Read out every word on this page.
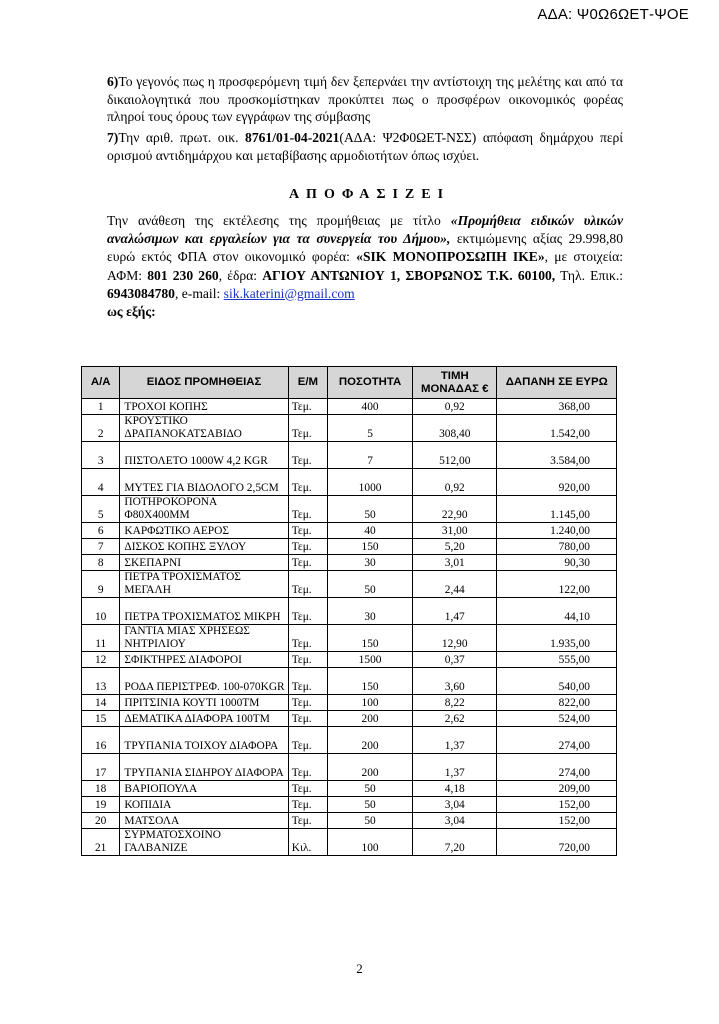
ΑΔΑ: Ψ0Ω6ΩΕΤ-ΨΟΕ
6)Το γεγονός πως η προσφερόμενη τιμή δεν ξεπερνάει την αντίστοιχη της μελέτης και από τα δικαιολογητικά που προσκομίστηκαν προκύπτει πως ο προσφέρων οικονομικός φορέας πληροί τους όρους των εγγράφων της σύμβασης
7)Την αριθ. πρωτ. οικ. 8761/01-04-2021(ΑΔΑ: Ψ2Φ0ΩΕΤ-ΝΣΣ) απόφαση δημάρχου περί ορισμού αντιδημάρχου και μεταβίβασης αρμοδιοτήτων όπως ισχύει.
ΑΠΟΦΑΣΙΖΕΙ
Την ανάθεση της εκτέλεσης της προμήθειας με τίτλο «Προμήθεια ειδικών υλικών αναλώσιμων και εργαλείων για τα συνεργεία του Δήμου», εκτιμώμενης αξίας 29.998,80 ευρώ εκτός ΦΠΑ στον οικονομικό φορέα: «SIK ΜΟΝΟΠΡΟΣΩΠΗ ΙΚΕ», με στοιχεία: ΑΦΜ: 801 230 260, έδρα: ΑΓΙΟΥ ΑΝΤΩΝΙΟΥ 1, ΣΒΟΡΩΝΟΣ Τ.Κ. 60100, Τηλ. Επικ.: 6943084780, e-mail: sik.katerini@gmail.com
ως εξής:
Α/Α	ΕΙΔΟΣ ΠΡΟΜΗΘΕΙΑΣ	Ε/Μ	ΠΟΣΟΤΗΤΑ	ΤΙΜΗ ΜΟΝΑΔΑΣ €	ΔΑΠΑΝΗ ΣΕ ΕΥΡΩ
1	ΤΡΟΧΟΙ ΚΟΠΗΣ	Τεμ.	400	0,92	368,00
2	ΚΡΟΥΣΤΙΚΟ ΔΡΑΠΑΝΟΚΑΤΣΑΒΙΔΟ	Τεμ.	5	308,40	1.542,00
3	ΠΙΣΤΟΛΕΤΟ 1000W 4,2 KGR	Τεμ.	7	512,00	3.584,00
4	ΜΥΤΕΣ ΓΙΑ ΒΙΔΟΛΟΓΟ 2,5CM	Τεμ.	1000	0,92	920,00
5	ΠΟΤΗΡΟΚΟΡΟΝΑ Φ80Χ400ΜΜ	Τεμ.	50	22,90	1.145,00
6	ΚΑΡΦΩΤΙΚΟ ΑΕΡΟΣ	Τεμ.	40	31,00	1.240,00
7	ΔΙΣΚΟΣ ΚΟΠΗΣ ΞΥΛΟΥ	Τεμ.	150	5,20	780,00
8	ΣΚΕΠΑΡΝΙ	Τεμ.	30	3,01	90,30
9	ΠΕΤΡΑ ΤΡΟΧΙΣΜΑΤΟΣ ΜΕΓΑΛΗ	Τεμ.	50	2,44	122,00
10	ΠΕΤΡΑ ΤΡΟΧΙΣΜΑΤΟΣ ΜΙΚΡΗ	Τεμ.	30	1,47	44,10
11	ΓΑΝΤΙΑ ΜΙΑΣ ΧΡΗΣΕΩΣ ΝΗΤΡΙΛΙΟΥ	Τεμ.	150	12,90	1.935,00
12	ΣΦΙΚΤΗΡΕΣ ΔΙΑΦΟΡΟΙ	Τεμ.	1500	0,37	555,00
13	ΡΟΔΑ ΠΕΡΙΣΤΡΕΦ. 100-070KGR	Τεμ.	150	3,60	540,00
14	ΠΡΙΤΣΙΝΙΑ ΚΟΥΤΙ 1000ΤΜ	Τεμ.	100	8,22	822,00
15	ΔΕΜΑΤΙΚΑ ΔΙΑΦΟΡΑ 100ΤΜ	Τεμ.	200	2,62	524,00
16	ΤΡΥΠΑΝΙΑ ΤΟΙΧΟΥ ΔΙΑΦΟΡΑ	Τεμ.	200	1,37	274,00
17	ΤΡΥΠΑΝΙΑ ΣΙΔΗΡΟΥ ΔΙΑΦΟΡΑ	Τεμ.	200	1,37	274,00
18	ΒΑΡΙΟΠΟΥΛΑ	Τεμ.	50	4,18	209,00
19	ΚΟΠΙΔΙΑ	Τεμ.	50	3,04	152,00
20	ΜΑΤΣΟΛΑ	Τεμ.	50	3,04	152,00
21	ΣΥΡΜΑΤΟΣΧΟΙΝΟ ΓΑΛΒΑΝΙΖΕ	Κιλ.	100	7,20	720,00
2
